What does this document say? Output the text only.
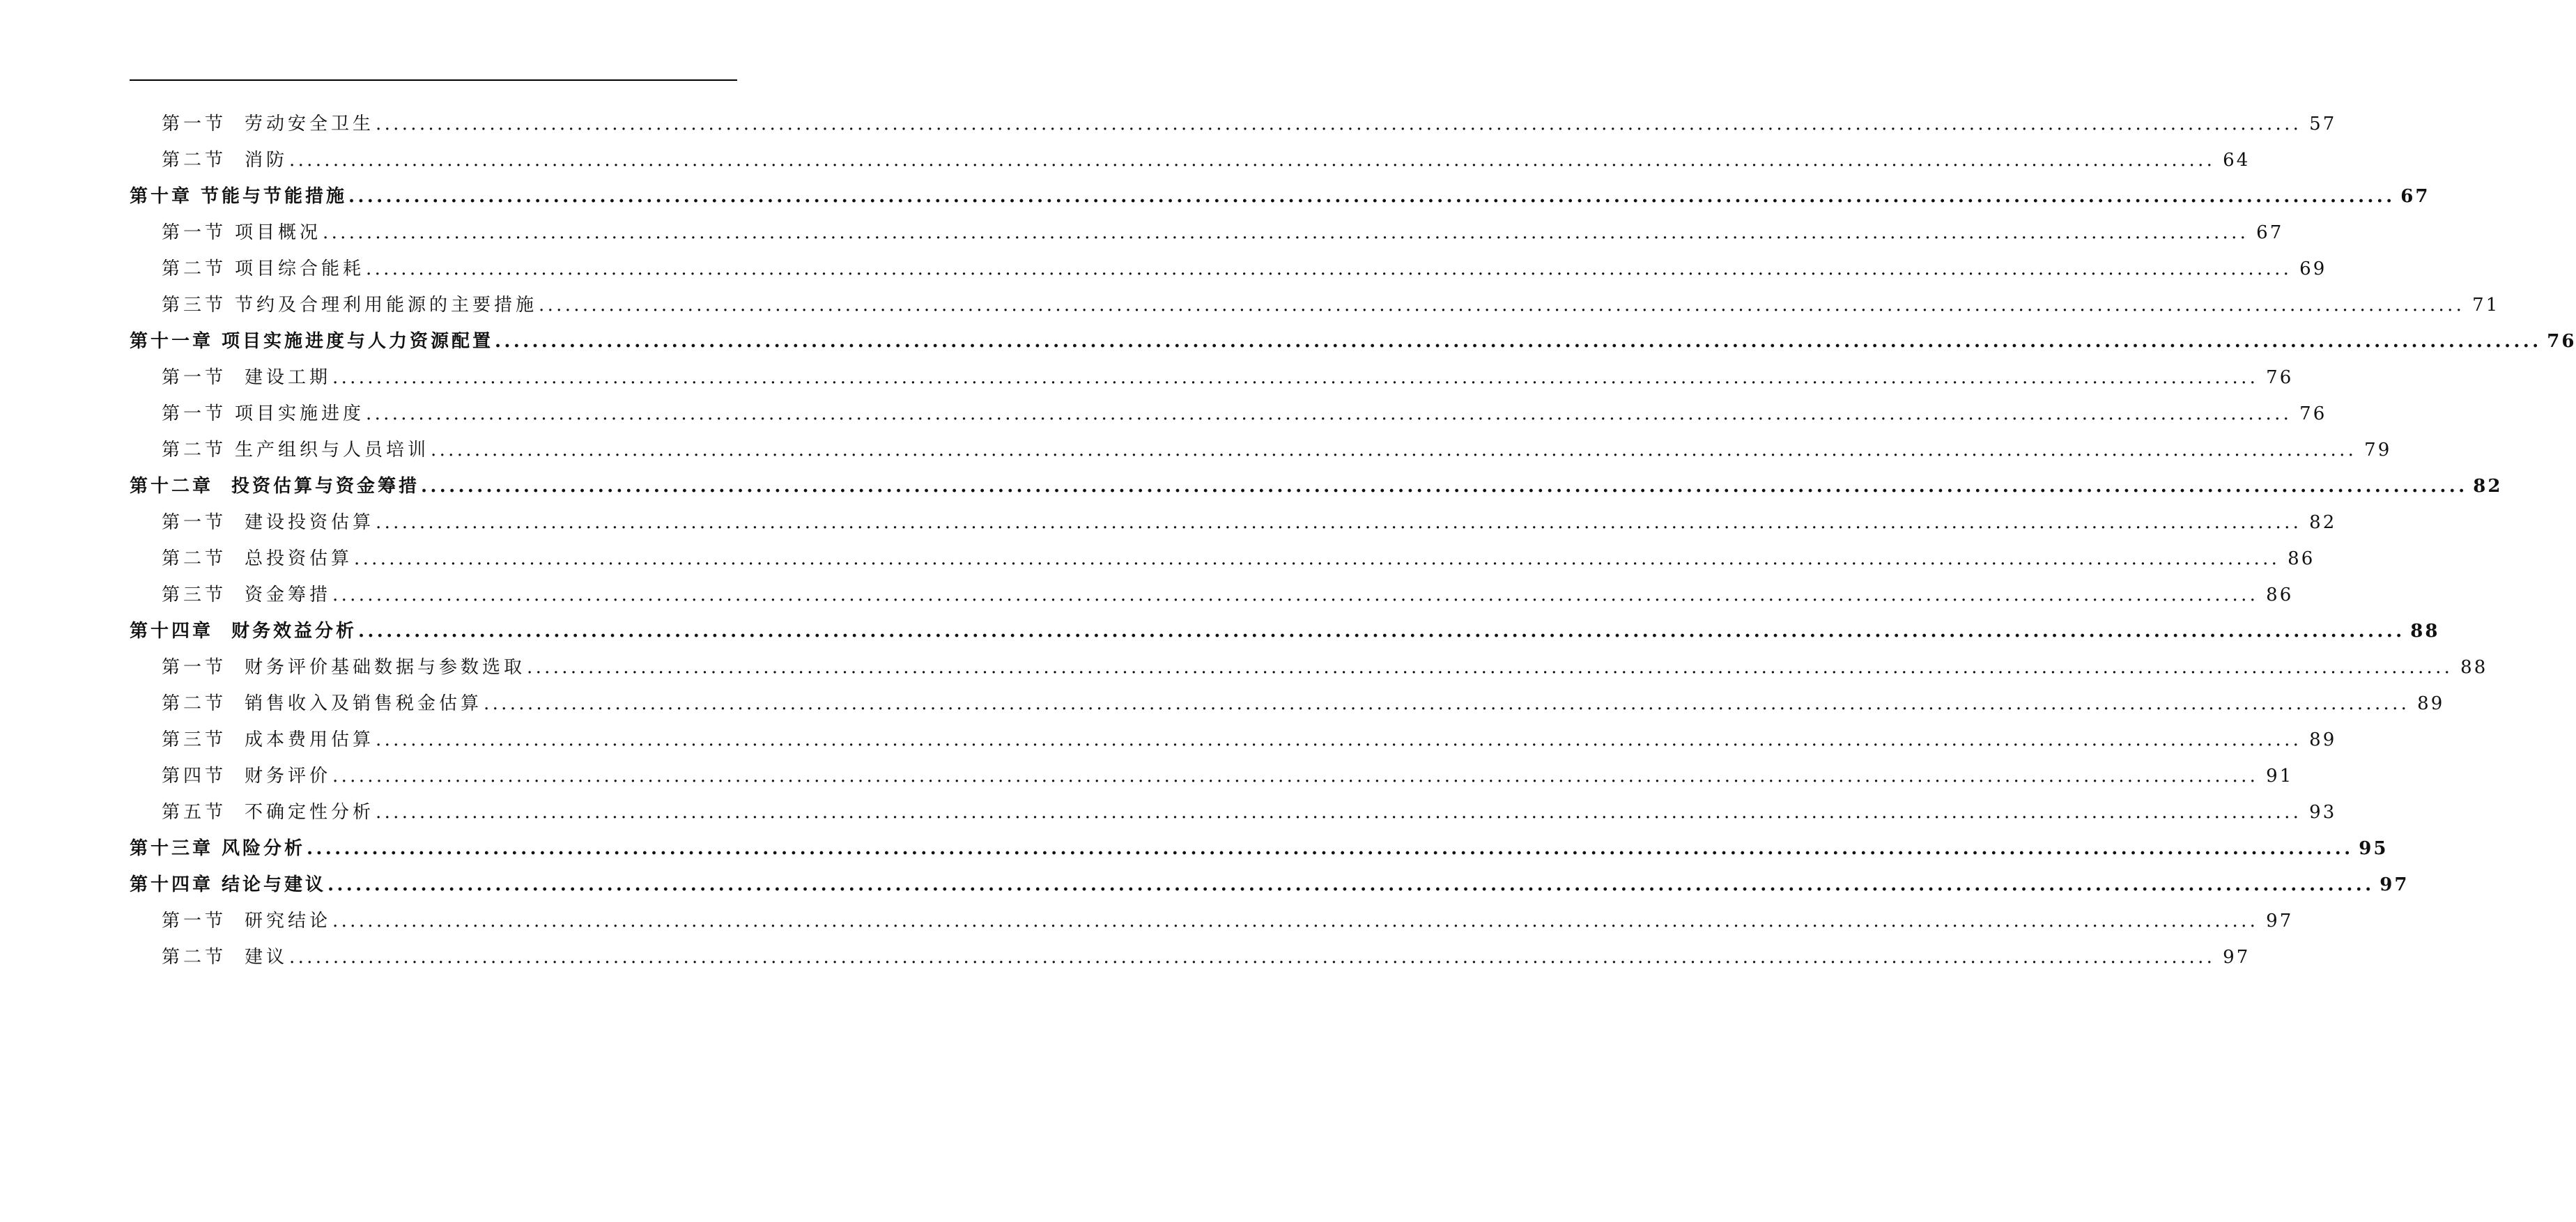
第一节 劳动安全卫生 ............................................................................................................................................................................................................................ 57
第二节 消防 ............................................................................................................................................................................................................................ 64
第十章 节能与节能措施 ............................................................................................................................................................................................................................ 67
第一节 项目概况 ............................................................................................................................................................................................................................ 67
第二节 项目综合能耗 ............................................................................................................................................................................................................................ 69
第三节 节约及合理利用能源的主要措施 ............................................................................................................................................................................................................................ 71
第十一章 项目实施进度与人力资源配置 ............................................................................................................................................................................................................................ 76
第一节 建设工期 ............................................................................................................................................................................................................................ 76
第一节 项目实施进度 ............................................................................................................................................................................................................................ 76
第二节 生产组织与人员培训 ............................................................................................................................................................................................................................ 79
第十二章 投资估算与资金筹措 ............................................................................................................................................................................................................................ 82
第一节 建设投资估算 ............................................................................................................................................................................................................................ 82
第二节 总投资估算 ............................................................................................................................................................................................................................ 86
第三节 资金筹措 ............................................................................................................................................................................................................................ 86
第十四章 财务效益分析 ............................................................................................................................................................................................................................ 88
第一节 财务评价基础数据与参数选取 ............................................................................................................................................................................................................................ 88
第二节 销售收入及销售税金估算 ............................................................................................................................................................................................................................ 89
第三节 成本费用估算 ............................................................................................................................................................................................................................ 89
第四节 财务评价 ............................................................................................................................................................................................................................ 91
第五节 不确定性分析 ............................................................................................................................................................................................................................ 93
第十三章 风险分析 ............................................................................................................................................................................................................................ 95
第十四章 结论与建议 ............................................................................................................................................................................................................................ 97
第一节 研究结论 ............................................................................................................................................................................................................................ 97
第二节 建议 ............................................................................................................................................................................................................................ 97
